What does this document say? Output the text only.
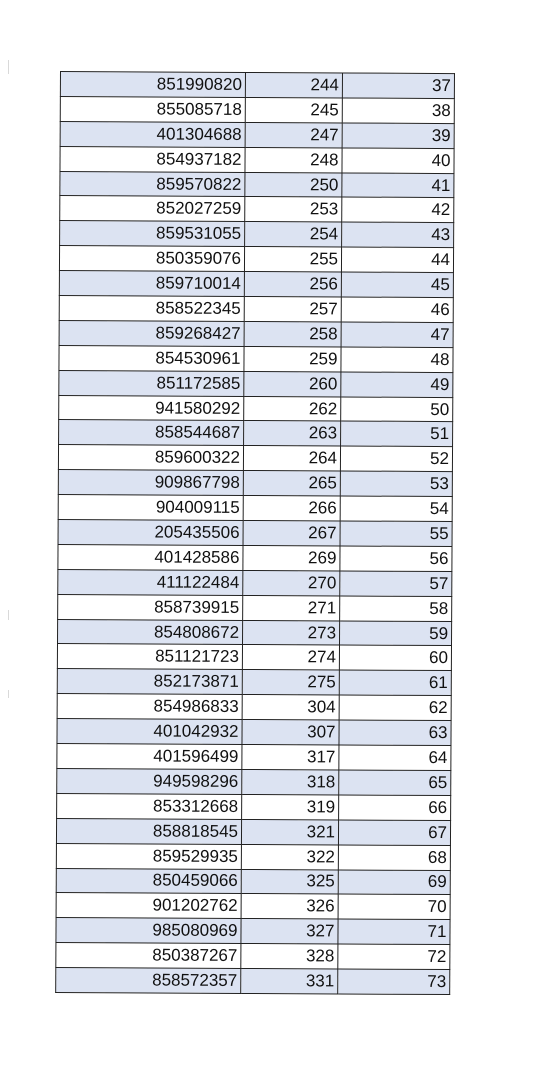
851990820	244	37
855085718	245	38
401304688	247	39
854937182	248	40
859570822	250	41
852027259	253	42
859531055	254	43
850359076	255	44
859710014	256	45
858522345	257	46
859268427	258	47
854530961	259	48
851172585	260	49
941580292	262	50
858544687	263	51
859600322	264	52
909867798	265	53
904009115	266	54
205435506	267	55
401428586	269	56
411122484	270	57
858739915	271	58
854808672	273	59
851121723	274	60
852173871	275	61
854986833	304	62
401042932	307	63
401596499	317	64
949598296	318	65
853312668	319	66
858818545	321	67
859529935	322	68
850459066	325	69
901202762	326	70
985080969	327	71
850387267	328	72
858572357	331	73
